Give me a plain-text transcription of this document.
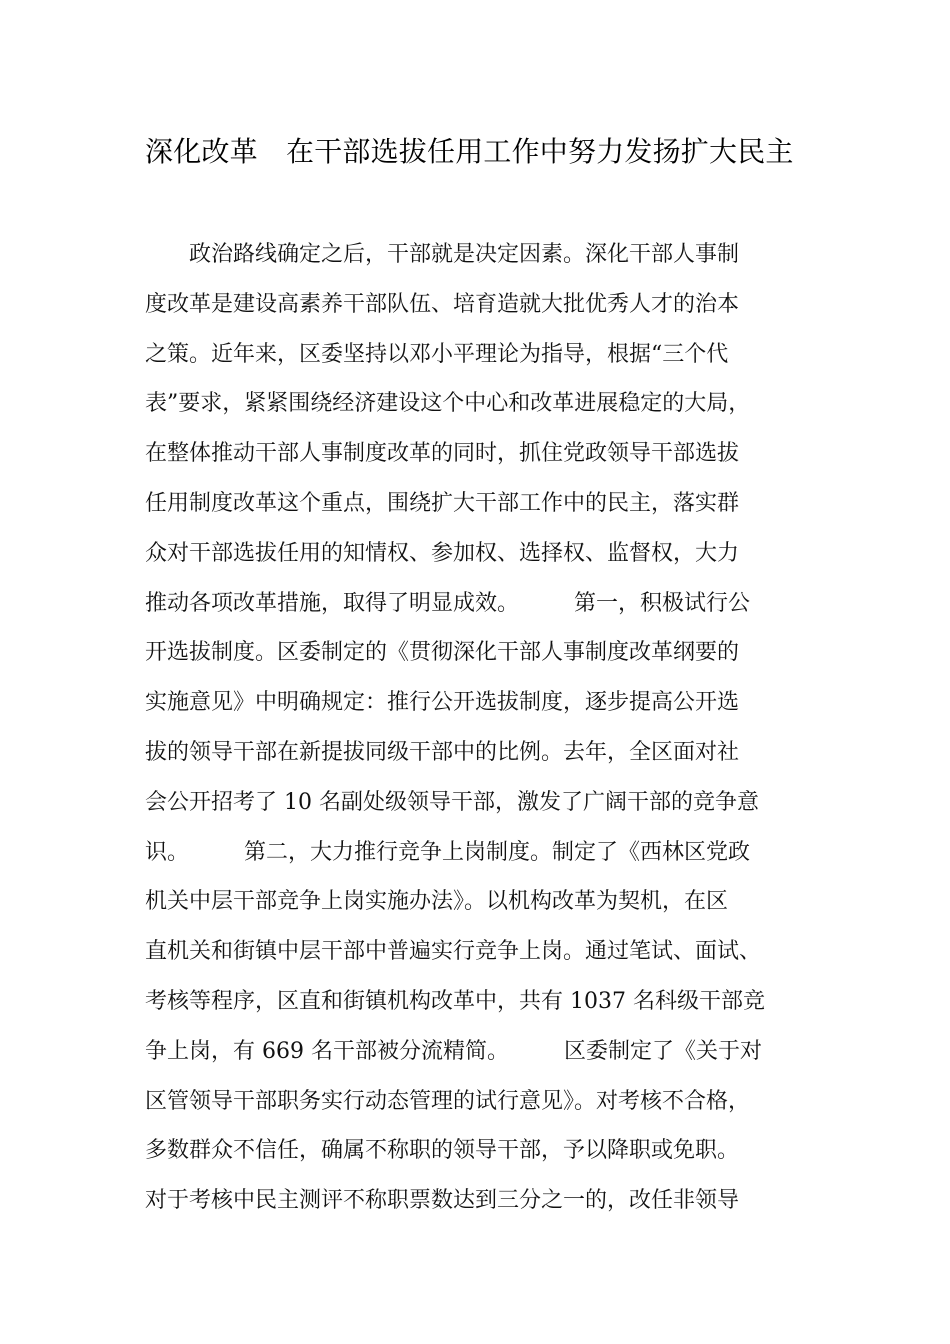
深化改革　在干部选拔任用工作中努力发扬扩大民主
　　政治路线确定之后，干部就是决定因素。深化干部人事制
度改革是建设高素养干部队伍、培育造就大批优秀人才的治本
之策。近年来，区委坚持以邓小平理论为指导，根据“三个代
表”要求，紧紧围绕经济建设这个中心和改革进展稳定的大局，
在整体推动干部人事制度改革的同时，抓住党政领导干部选拔
任用制度改革这个重点，围绕扩大干部工作中的民主，落实群
众对干部选拔任用的知情权、参加权、选择权、监督权，大力
推动各项改革措施，取得了明显成效。　　　第一，积极试行公
开选拔制度。区委制定的《贯彻深化干部人事制度改革纲要的
实施意见》中明确规定：推行公开选拔制度，逐步提高公开选
拔的领导干部在新提拔同级干部中的比例。去年，全区面对社
会公开招考了 10 名副处级领导干部，激发了广阔干部的竞争意
识。　　　第二，大力推行竞争上岗制度。制定了《西林区党政
机关中层干部竞争上岗实施办法》。以机构改革为契机，在区
直机关和街镇中层干部中普遍实行竞争上岗。通过笔试、面试、
考核等程序，区直和街镇机构改革中，共有 1037 名科级干部竞
争上岗，有 669 名干部被分流精简。　　　区委制定了《关于对
区管领导干部职务实行动态管理的试行意见》。对考核不合格，
多数群众不信任，确属不称职的领导干部，予以降职或免职。
对于考核中民主测评不称职票数达到三分之一的，改任非领导
